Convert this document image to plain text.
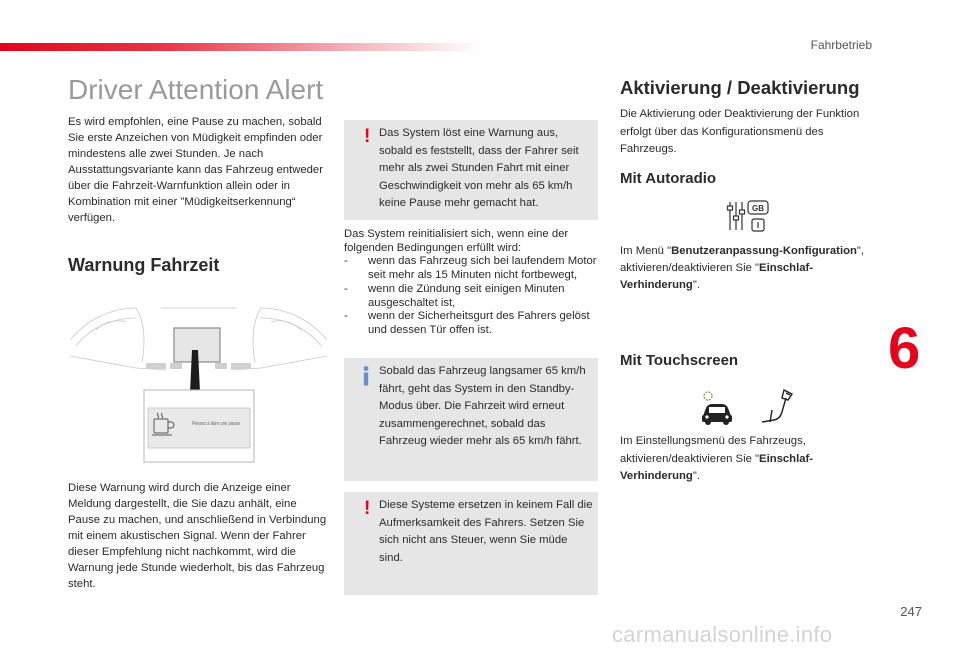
Fahrbetrieb
Driver Attention Alert
Es wird empfohlen, eine Pause zu machen, sobald Sie erste Anzeichen von Müdigkeit empfinden oder mindestens alle zwei Stunden. Je nach Ausstattungsvariante kann das Fahrzeug entweder über die Fahrzeit-Warnfunktion allein oder in Kombination mit einer "Müdigkeitserkennung“ verfügen.
Warnung Fahrzeit
Pensez à faire une pause
Diese Warnung wird durch die Anzeige einer Meldung dargestellt, die Sie dazu anhält, eine Pause zu machen, und anschließend in Verbindung mit einem akustischen Signal. Wenn der Fahrer dieser Empfehlung nicht nachkommt, wird die Warnung jede Stunde wiederholt, bis das Fahrzeug steht.
! Das System löst eine Warnung aus, sobald es feststellt, dass der Fahrer seit mehr als zwei Stunden Fahrt mit einer Geschwindigkeit von mehr als 65 km/h keine Pause mehr gemacht hat.
Das System reinitialisiert sich, wenn eine der folgenden Bedingungen erfüllt wird:
-	wenn das Fahrzeug sich bei laufendem Motor seit mehr als 15 Minuten nicht fortbewegt,
-	wenn die Zündung seit einigen Minuten ausgeschaltet ist,
-	wenn der Sicherheitsgurt des Fahrers gelöst und dessen Tür offen ist.
Sobald das Fahrzeug langsamer 65 km/h fährt, geht das System in den Standby-Modus über. Die Fahrzeit wird erneut zusammengerechnet, sobald das Fahrzeug wieder mehr als 65 km/h fährt.
! Diese Systeme ersetzen in keinem Fall die Aufmerksamkeit des Fahrers. Setzen Sie sich nicht ans Steuer, wenn Sie müde sind.
Aktivierung / Deaktivierung
Die Aktivierung oder Deaktivierung der Funktion erfolgt über das Konfigurationsmenü des Fahrzeugs.
Mit Autoradio
GB
Im Menü "Benutzeranpassung-Konfiguration", aktivieren/deaktivieren Sie "Einschlaf-Verhinderung".
Mit Touchscreen
Im Einstellungsmenü des Fahrzeugs, aktivieren/deaktivieren Sie "Einschlaf-Verhinderung".
6
247
carmanualsonline.info
